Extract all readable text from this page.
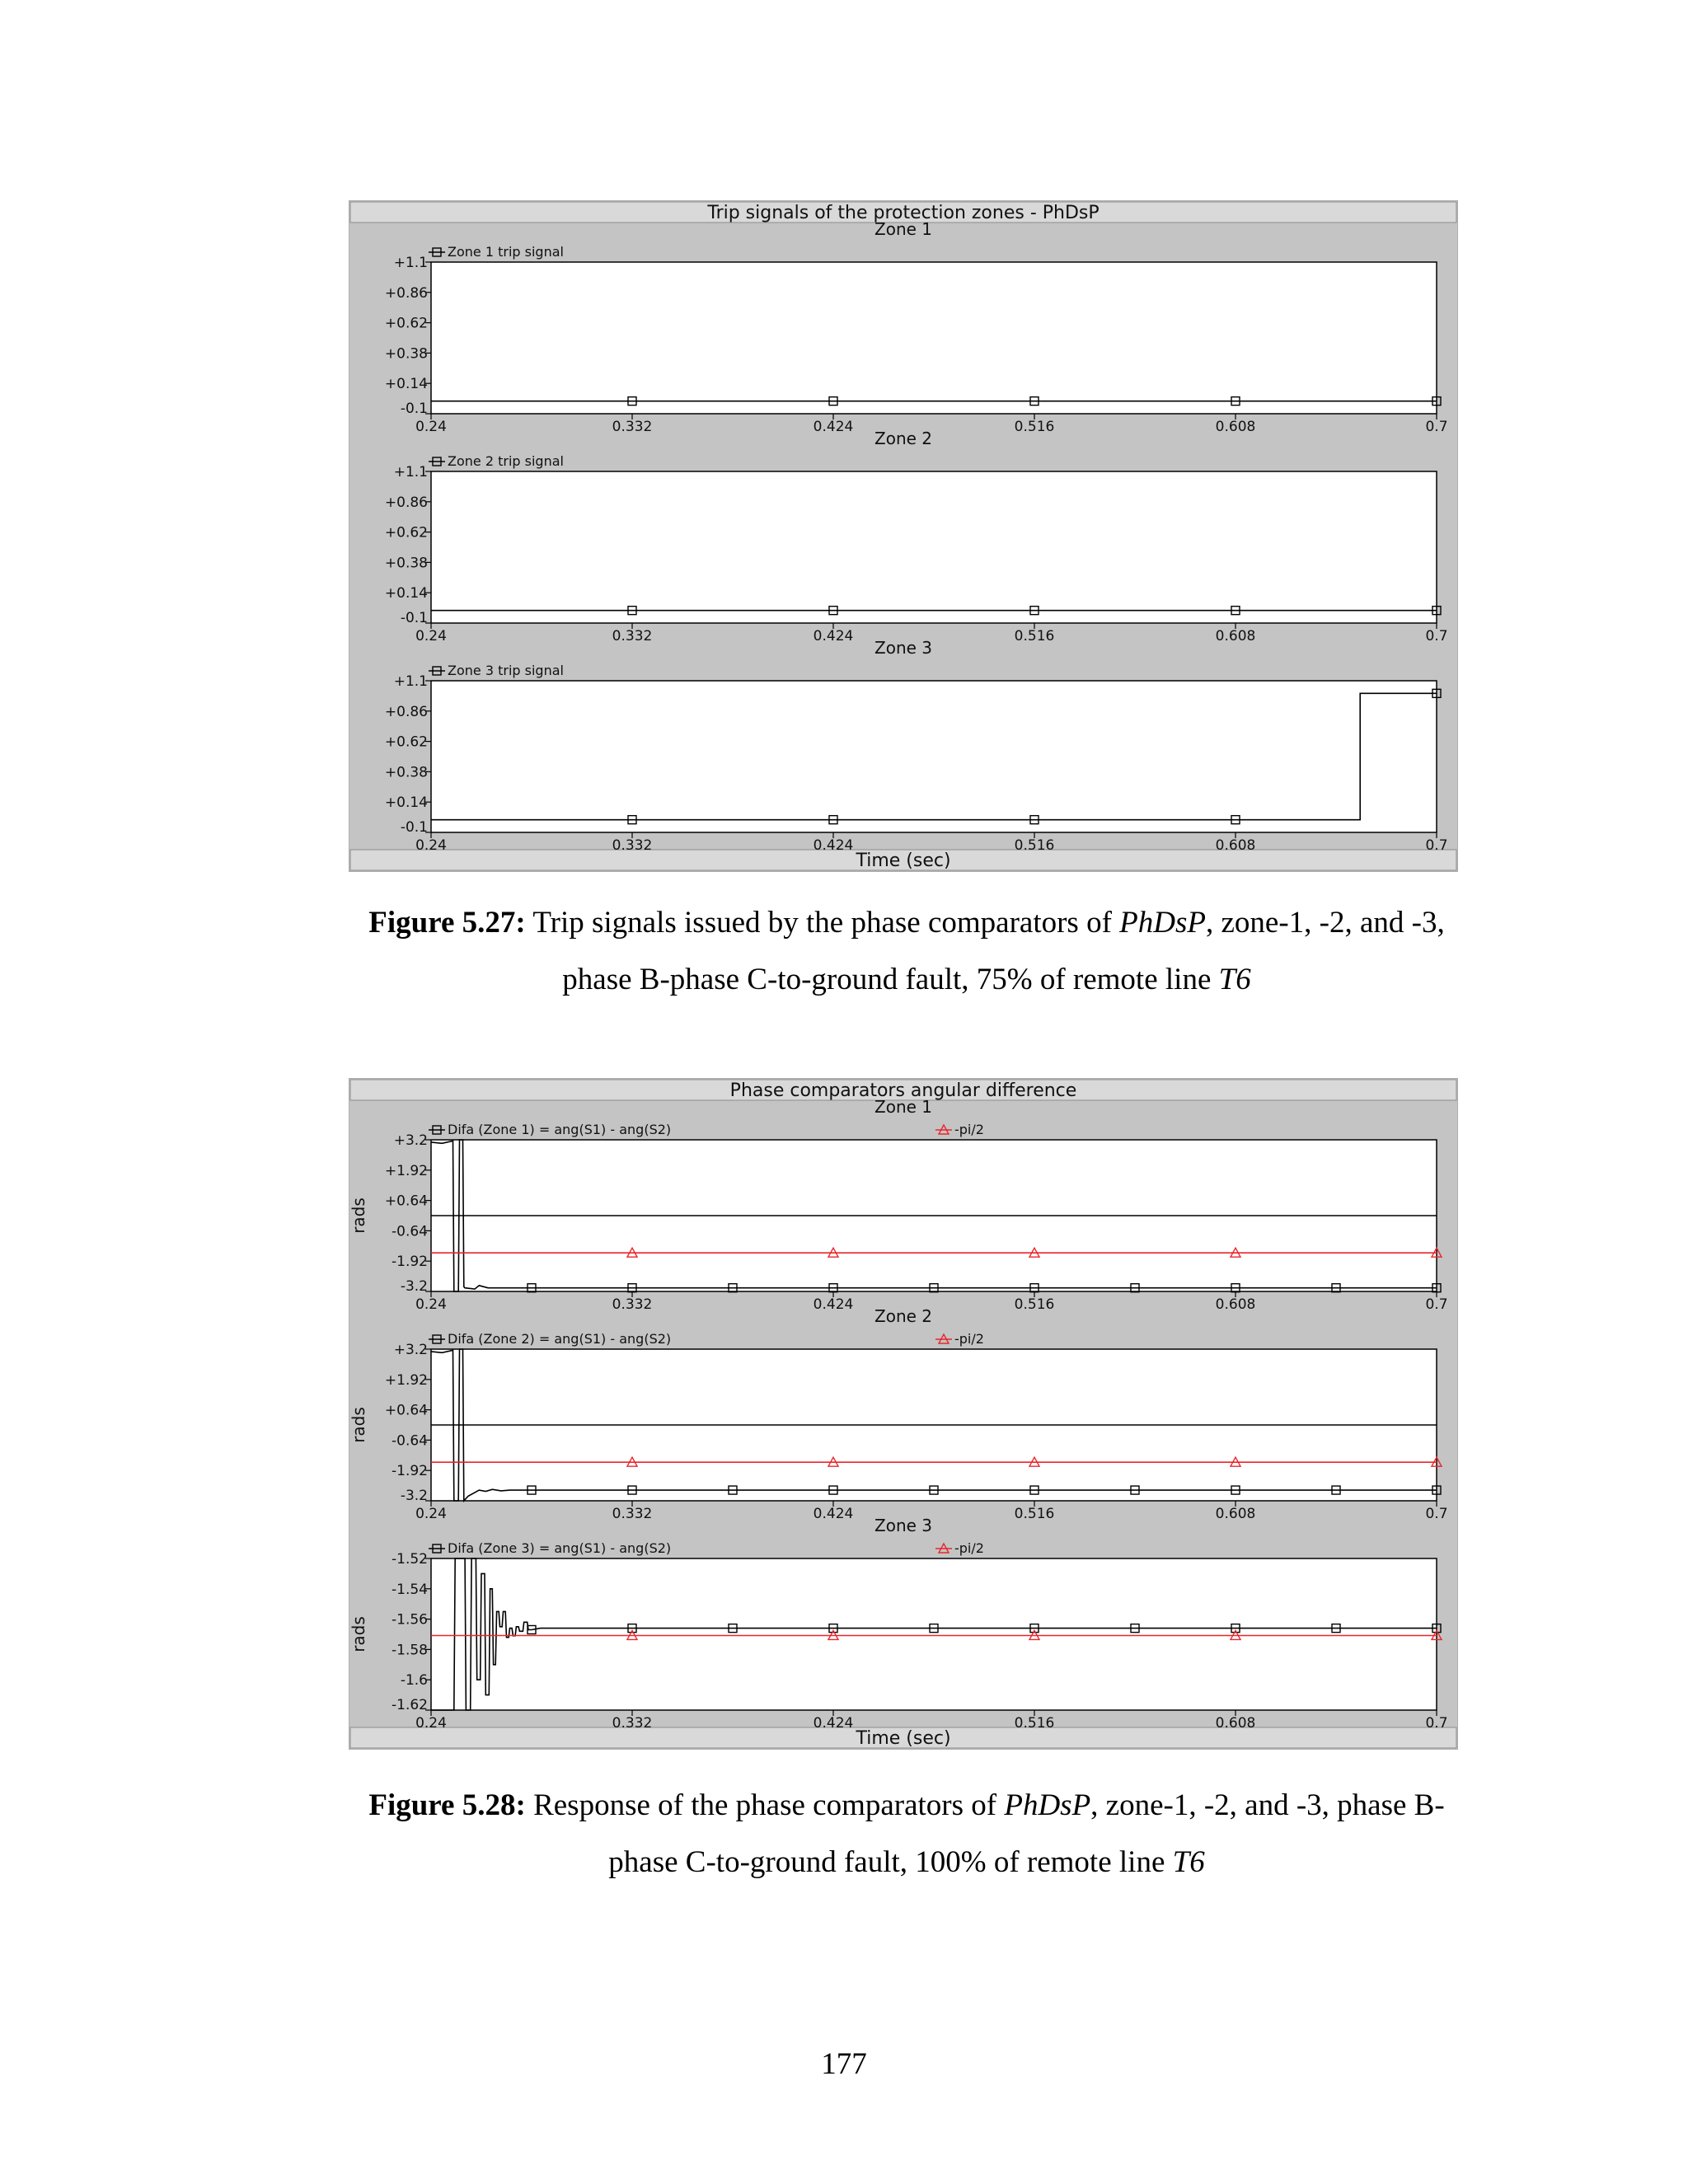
Trip signals of the protection zones - PhDsP
Time (sec)
Zone 1
+1.1
+0.86
+0.62
+0.38
+0.14
-0.1
0.24	0.332	0.424	0.516	0.608	0.7
Zone 1 trip signal
Zone 2
+1.1
+0.86
+0.62
+0.38
+0.14
-0.1
0.24	0.332	0.424	0.516	0.608	0.7
Zone 2 trip signal
Zone 3
+1.1
+0.86
+0.62
+0.38
+0.14
-0.1
0.24	0.332	0.424	0.516	0.608	0.7
Zone 3 trip signal
Figure 5.27: Trip signals issued by the phase comparators of PhDsP, zone-1, -2, and -3,
phase B-phase C-to-ground fault, 75% of remote line T6
Phase comparators angular difference
Time (sec)
Zone 1
rads
+3.2
+1.92
+0.64
-0.64
-1.92
-3.2
0.24	0.332	0.424	0.516	0.608	0.7
Difa (Zone 1) = ang(S1) - ang(S2)	-pi/2
Zone 2
rads
+3.2
+1.92
+0.64
-0.64
-1.92
-3.2
0.24	0.332	0.424	0.516	0.608	0.7
Difa (Zone 2) = ang(S1) - ang(S2)	-pi/2
Zone 3
rads
-1.52
-1.54
-1.56
-1.58
-1.6
-1.62
0.24	0.332	0.424	0.516	0.608	0.7
Difa (Zone 3) = ang(S1) - ang(S2)	-pi/2
Figure 5.28: Response of the phase comparators of PhDsP, zone-1, -2, and -3, phase B-
phase C-to-ground fault, 100% of remote line T6
177
